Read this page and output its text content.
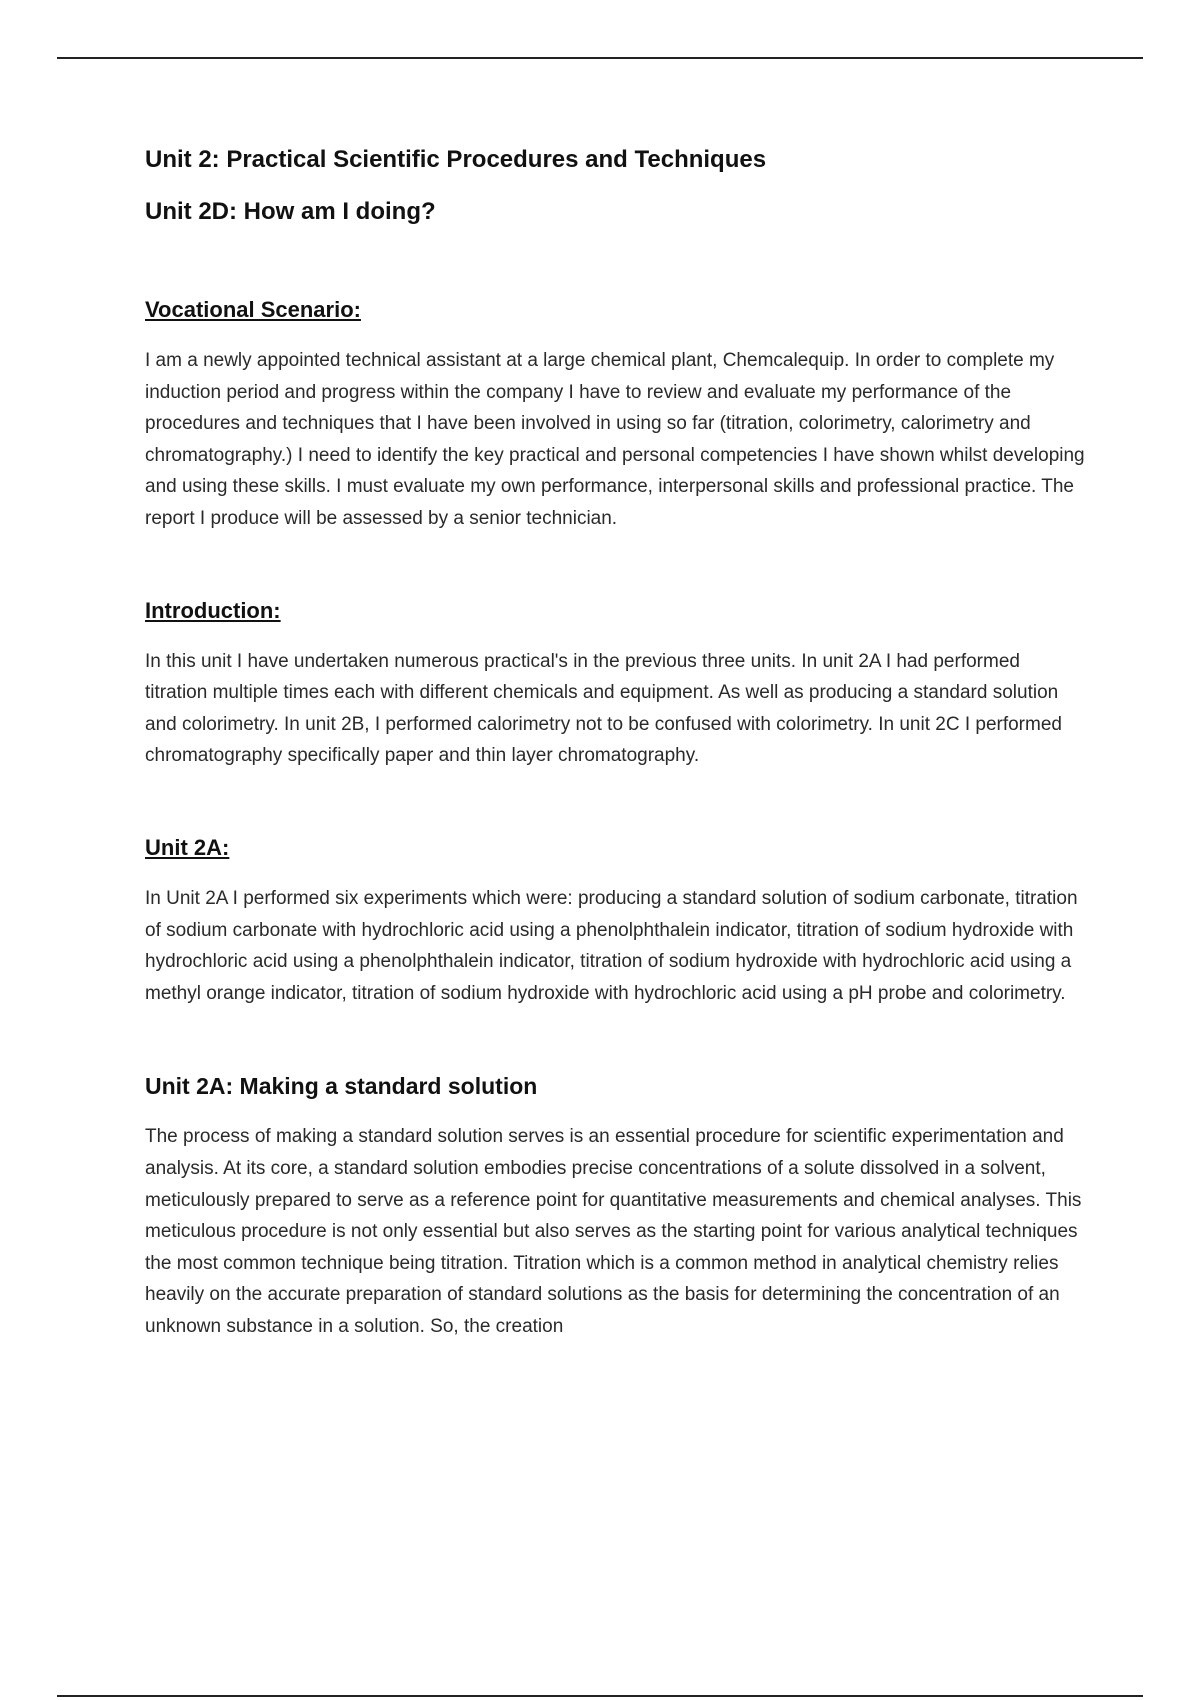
Unit 2: Practical Scientific Procedures and Techniques
Unit 2D: How am I doing?
Vocational Scenario:

I am a newly appointed technical assistant at a large chemical plant, Chemcalequip. In order to complete my induction period and progress within the company I have to review and evaluate my performance of the procedures and techniques that I have been involved in using so far (titration, colorimetry, calorimetry and chromatography.) I need to identify the key practical and personal competencies I have shown whilst developing and using these skills. I must evaluate my own performance, interpersonal skills and professional practice. The report I produce will be assessed by a senior technician.

Introduction:

In this unit I have undertaken numerous practical's in the previous three units. In unit 2A I had performed titration multiple times each with different chemicals and equipment. As well as producing a standard solution and colorimetry. In unit 2B, I performed calorimetry not to be confused with colorimetry. In unit 2C I performed chromatography specifically paper and thin layer chromatography.

Unit 2A:

In Unit 2A I performed six experiments which were: producing a standard solution of sodium carbonate, titration of sodium carbonate with hydrochloric acid using a phenolphthalein indicator, titration of sodium hydroxide with hydrochloric acid using a phenolphthalein indicator, titration of sodium hydroxide with hydrochloric acid using a methyl orange indicator, titration of sodium hydroxide with hydrochloric acid using a pH probe and colorimetry.

Unit 2A: Making a standard solution

The process of making a standard solution serves is an essential procedure for scientific experimentation and analysis. At its core, a standard solution embodies precise concentrations of a solute dissolved in a solvent, meticulously prepared to serve as a reference point for quantitative measurements and chemical analyses. This meticulous procedure is not only essential but also serves as the starting point for various analytical techniques the most common technique being titration. Titration which is a common method in analytical chemistry relies heavily on the accurate preparation of standard solutions as the basis for determining the concentration of an unknown substance in a solution. So, the creation
